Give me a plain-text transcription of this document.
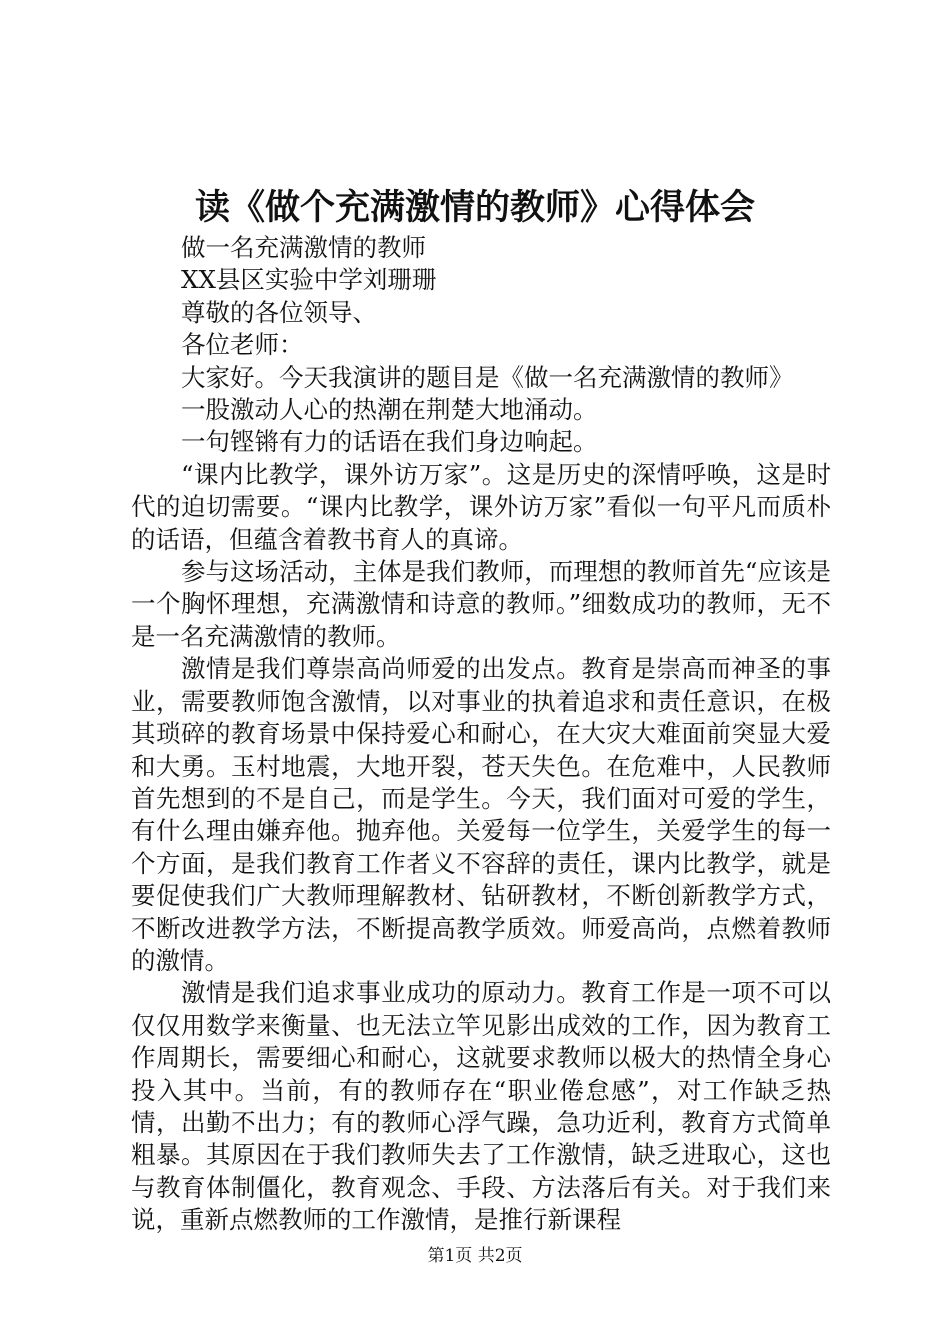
读《做个充满激情的教师》心得体会

做一名充满激情的教师

XX县区实验中学刘珊珊

尊敬的各位领导、

各位老师：

大家好。今天我演讲的题目是《做一名充满激情的教师》

一股激动人心的热潮在荆楚大地涌动。

一句铿锵有力的话语在我们身边响起。

“课内比教学，课外访万家”。这是历史的深情呼唤，这是时代的迫切需要。“课内比教学，课外访万家”看似一句平凡而质朴的话语，但蕴含着教书育人的真谛。

参与这场活动，主体是我们教师，而理想的教师首先“应该是一个胸怀理想，充满激情和诗意的教师。”细数成功的教师，无不是一名充满激情的教师。

激情是我们尊崇高尚师爱的出发点。教育是崇高而神圣的事业，需要教师饱含激情，以对事业的执着追求和责任意识，在极其琐碎的教育场景中保持爱心和耐心，在大灾大难面前突显大爱和大勇。玉村地震，大地开裂，苍天失色。在危难中，人民教师首先想到的不是自己，而是学生。今天，我们面对可爱的学生，有什么理由嫌弃他。抛弃他。关爱每一位学生，关爱学生的每一个方面，是我们教育工作者义不容辞的责任，课内比教学，就是要促使我们广大教师理解教材、钻研教材，不断创新教学方式，不断改进教学方法，不断提高教学质效。师爱高尚，点燃着教师的激情。

激情是我们追求事业成功的原动力。教育工作是一项不可以仅仅用数学来衡量、也无法立竿见影出成效的工作，因为教育工作周期长，需要细心和耐心，这就要求教师以极大的热情全身心投入其中。当前，有的教师存在“职业倦怠感”，对工作缺乏热情，出勤不出力；有的教师心浮气躁，急功近利，教育方式简单粗暴。其原因在于我们教师失去了工作激情，缺乏进取心，这也与教育体制僵化，教育观念、手段、方法落后有关。对于我们来说，重新点燃教师的工作激情，是推行新课程

第1页 共2页
